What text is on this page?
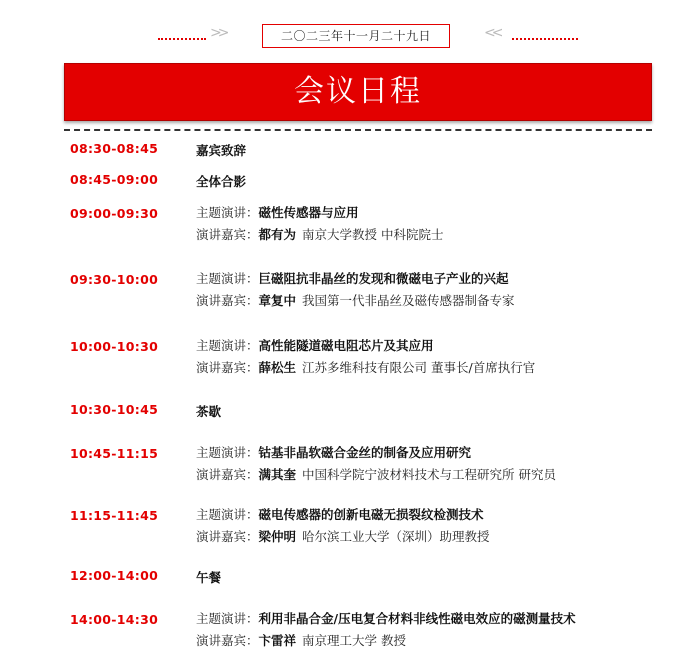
>>	二〇二三年十一月二十九日	<<
会议日程
08:30-08:45	嘉宾致辞
08:45-09:00	全体合影
09:00-09:30	主题演讲：磁性传感器与应用
演讲嘉宾：都有为 南京大学教授 中科院院士
09:30-10:00	主题演讲：巨磁阻抗非晶丝的发现和微磁电子产业的兴起
演讲嘉宾：章复中 我国第一代非晶丝及磁传感器制备专家
10:00-10:30	主题演讲：高性能隧道磁电阻芯片及其应用
演讲嘉宾：薛松生 江苏多维科技有限公司 董事长/首席执行官
10:30-10:45	茶歇
10:45-11:15	主题演讲：钴基非晶软磁合金丝的制备及应用研究
演讲嘉宾：满其奎 中国科学院宁波材料技术与工程研究所 研究员
11:15-11:45	主题演讲：磁电传感器的创新电磁无损裂纹检测技术
演讲嘉宾：梁仲明 哈尔滨工业大学（深圳）助理教授
12:00-14:00	午餐
14:00-14:30	主题演讲：利用非晶合金/压电复合材料非线性磁电效应的磁测量技术
演讲嘉宾：卞雷祥 南京理工大学 教授
